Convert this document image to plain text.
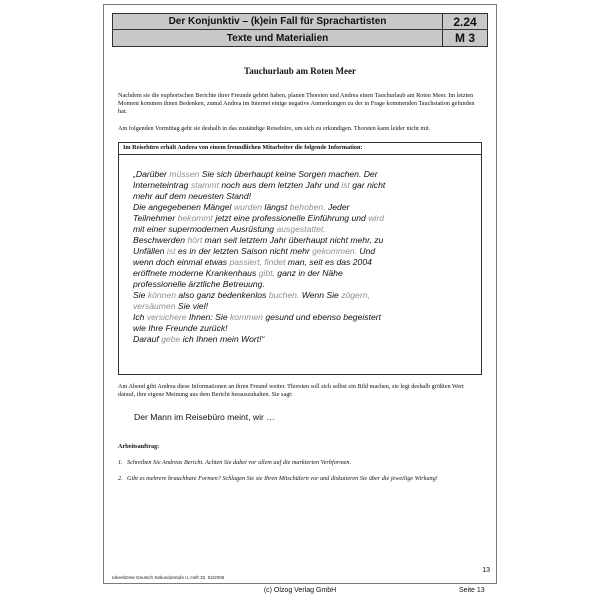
Der Konjunktiv – (k)ein Fall für Sprachartisten	2.24
Texte und Materialien	M 3
Tauchurlaub am Roten Meer

Nachdem sie die euphorischen Berichte ihrer Freunde gehört haben, planen Thorsten und Andrea einen Tauchurlaub am Roten Meer. Im letzten Moment kommen ihnen Bedenken, zumal Andrea im Internet einige negative Anmerkungen zu der in Frage kommenden Tauchstation gefunden hat.

Am folgenden Vormittag geht sie deshalb in das zuständige Reisebüro, um sich zu erkundigen. Thorsten kann leider nicht mit.

Im Reisebüro erhält Andrea von einem freundlichen Mitarbeiter die folgende Information:
„Darüber müssen Sie sich überhaupt keine Sorgen machen. Der
Interneteintrag stammt noch aus dem letzten Jahr und ist gar nicht
mehr auf dem neuesten Stand!
Die angegebenen Mängel wurden längst behoben. Jeder
Teilnehmer bekommt jetzt eine professionelle Einführung und wird
mit einer supermodernen Ausrüstung ausgestattet.
Beschwerden hört man seit letztem Jahr überhaupt nicht mehr, zu
Unfällen ist es in der letzten Saison nicht mehr gekommen. Und
wenn doch einmal etwas passiert, findet man, seit es das 2004
eröffnete moderne Krankenhaus gibt, ganz in der Nähe
professionelle ärztliche Betreuung.
Sie können also ganz bedenkenlos buchen. Wenn Sie zögern,
versäumen Sie viel!
Ich versichere Ihnen: Sie kommen gesund und ebenso begeistert
wie Ihre Freunde zurück!
Darauf gebe ich Ihnen mein Wort!“

Am Abend gibt Andrea diese Informationen an ihren Freund weiter. Thorsten soll sich selbst ein Bild machen, sie legt deshalb größten Wert darauf, ihre eigene Meinung aus dem Bericht herauszuhalten. Sie sagt:

Der Mann im Reisebüro meint, wir …
Arbeitsauftrag:
1. Schreiben Sie Andreas Bericht. Achten Sie dabei vor allem auf die markierten Verbformen.
2. Gibt es mehrere brauchbare Formen? Schlagen Sie sie Ihren Mitschülern vor und diskutieren Sie über die jeweilige Wirkung!
Ideenbörse Deutsch Sekundarstufe II, Heft 32, 02/2006
13
(c) Olzog Verlag GmbH	Seite 13
